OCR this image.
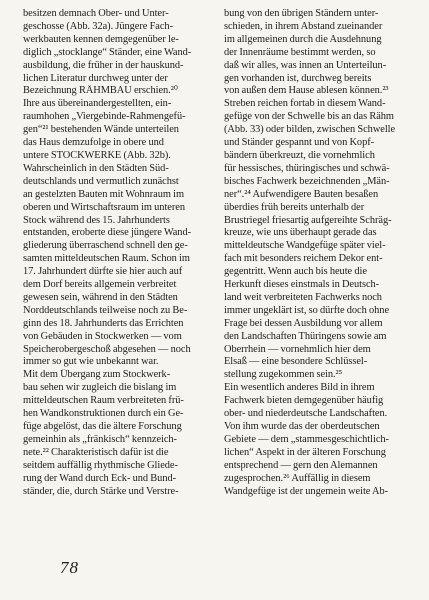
besitzen demnach Ober- und Unter-
geschosse (Abb. 32a). Jüngere Fach-
werkbauten kennen demgegenüber le-
diglich „stocklange“ Ständer, eine Wand-
ausbildung, die früher in der hauskund-
lichen Literatur durchweg unter der
Bezeichnung RÄHMBAU erschien.²⁰
Ihre aus übereinandergestellten, ein-
raumhohen „Viergebinde-Rahmengefü-
gen“²¹ bestehenden Wände unterteilen
das Haus demzufolge in obere und
untere STOCKWERKE (Abb. 32b).
Wahrscheinlich in den Städten Süd-
deutschlands und vermutlich zunächst
an gestelzten Bauten mit Wohnraum im
oberen und Wirtschaftsraum im unteren
Stock während des 15. Jahrhunderts
entstanden, eroberte diese jüngere Wand-
gliederung überraschend schnell den ge-
samten mitteldeutschen Raum. Schon im
17. Jahrhundert dürfte sie hier auch auf
dem Dorf bereits allgemein verbreitet
gewesen sein, während in den Städten
Norddeutschlands teilweise noch zu Be-
ginn des 18. Jahrhunderts das Errichten
von Gebäuden in Stockwerken — vom
Speicherobergeschoß abgesehen — noch
immer so gut wie unbekannt war.
Mit dem Übergang zum Stockwerk-
bau sehen wir zugleich die bislang im
mitteldeutschen Raum verbreiteten frü-
hen Wandkonstruktionen durch ein Ge-
füge abgelöst, das die ältere Forschung
gemeinhin als „fränkisch“ kennzeich-
nete.²² Charakteristisch dafür ist die
seitdem auffällig rhythmische Gliede-
rung der Wand durch Eck- und Bund-
ständer, die, durch Stärke und Verstre-
bung von den übrigen Ständern unter-
schieden, in ihrem Abstand zueinander
im allgemeinen durch die Ausdehnung
der Innenräume bestimmt werden, so
daß wir alles, was innen an Unterteilun-
gen vorhanden ist, durchweg bereits
von außen dem Hause ablesen können.²³
Streben reichen fortab in diesem Wand-
gefüge von der Schwelle bis an das Rähm
(Abb. 33) oder bilden, zwischen Schwelle
und Ständer gespannt und von Kopf-
bändern überkreuzt, die vornehmlich
für hessisches, thüringisches und schwä-
bisches Fachwerk bezeichnenden „Män-
ner“.²⁴ Aufwendigere Bauten besaßen
überdies früh bereits unterhalb der
Brustriegel friesartig aufgereihte Schräg-
kreuze, wie uns überhaupt gerade das
mitteldeutsche Wandgefüge später viel-
fach mit besonders reichem Dekor ent-
gegentritt. Wenn auch bis heute die
Herkunft dieses einstmals in Deutsch-
land weit verbreiteten Fachwerks noch
immer ungeklärt ist, so dürfte doch ohne
Frage bei dessen Ausbildung vor allem
den Landschaften Thüringens sowie am
Oberrhein — vornehmlich hier dem
Elsaß — eine besondere Schlüssel-
stellung zugekommen sein.²⁵
Ein wesentlich anderes Bild in ihrem
Fachwerk bieten demgegenüber häufig
ober- und niederdeutsche Landschaften.
Von ihm wurde das der oberdeutschen
Gebiete — dem „stammesgeschichtlich-
lichen“ Aspekt in der älteren Forschung
entsprechend — gern den Alemannen
zugesprochen.²⁶ Auffällig in diesem
Wandgefüge ist der ungemein weite Ab-
78
